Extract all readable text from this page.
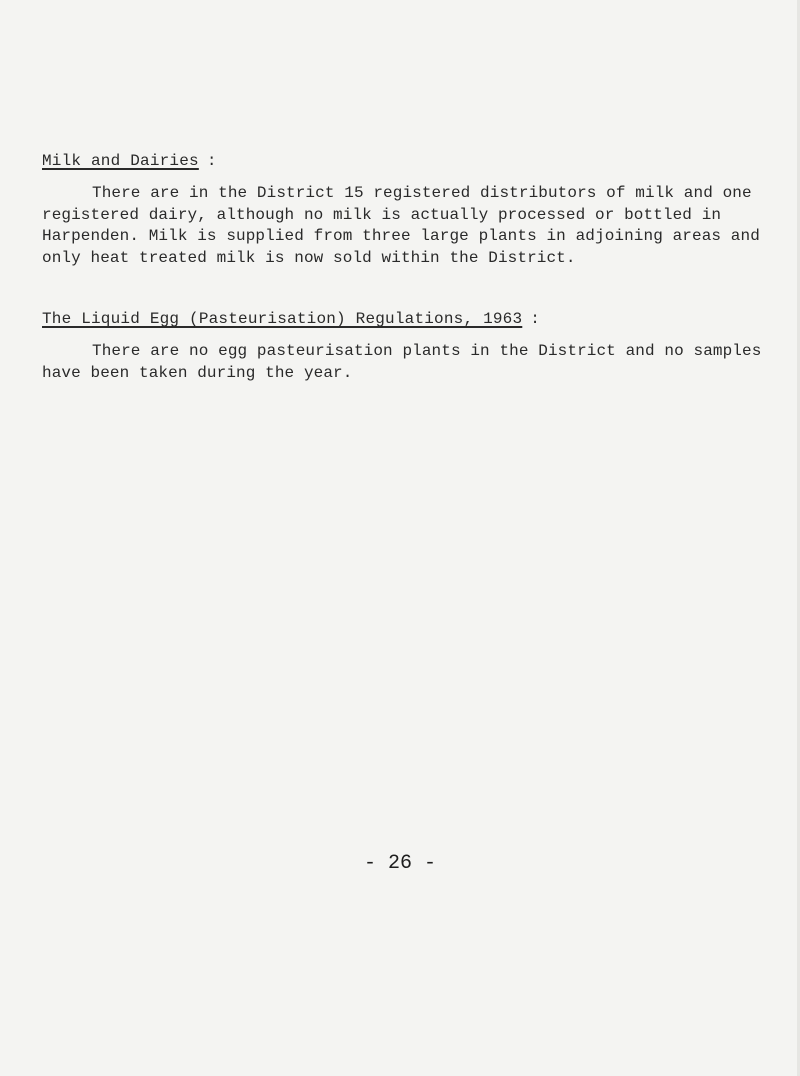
Milk and Dairies :
There are in the District 15 registered distributors of milk and one registered dairy, although no milk is actually processed or bottled in Harpenden. Milk is supplied from three large plants in adjoining areas and only heat treated milk is now sold within the District.
The Liquid Egg (Pasteurisation) Regulations, 1963 :
There are no egg pasteurisation plants in the District and no samples have been taken during the year.
- 26 -
